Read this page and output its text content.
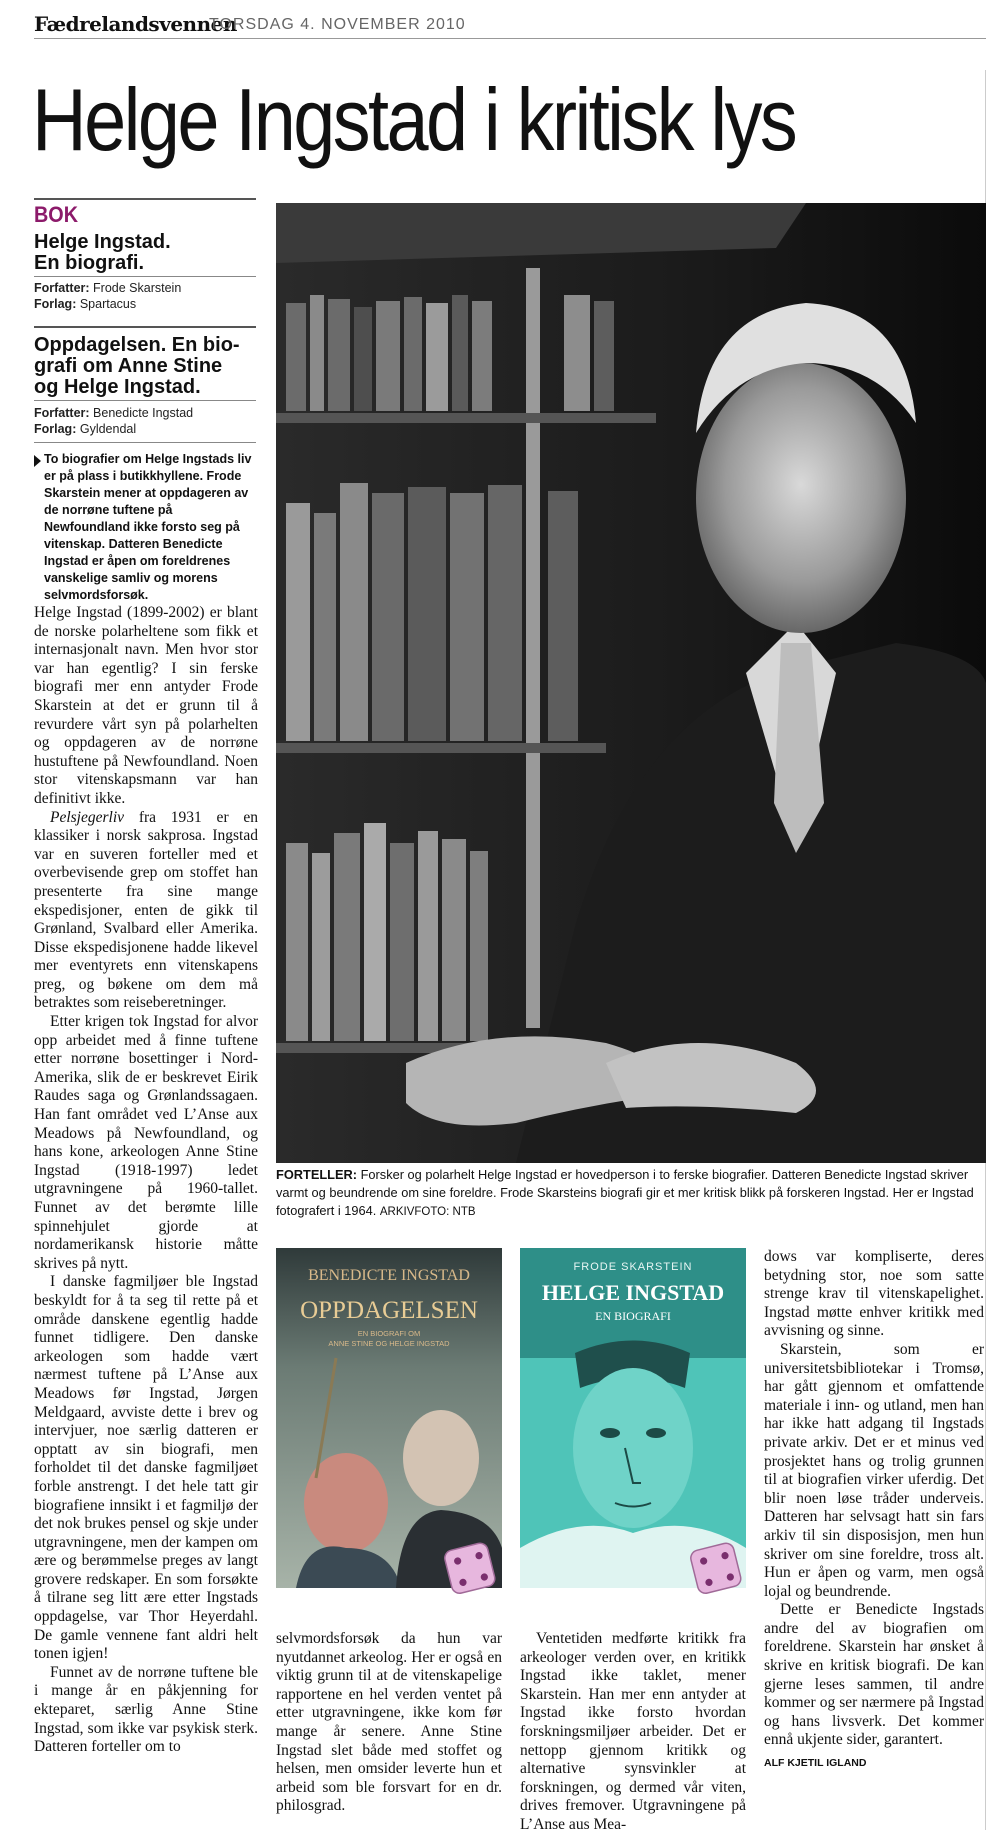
Fædrelandsvennen
TORSDAG 4. NOVEMBER 2010
Helge Ingstad i kritisk lys
BOK
Helge Ingstad.
En biografi.
Forfatter: Frode Skarstein
Forlag: Spartacus
Oppdagelsen. En bio-
grafi om Anne Stine
og Helge Ingstad.
Forfatter: Benedicte Ingstad
Forlag: Gyldendal
To biografier om Helge Ingstads liv er på plass i butikkhyllene. Frode Skarstein mener at oppdageren av de norrøne tuftene på Newfoundland ikke forsto seg på vitenskap. Datteren Benedicte Ingstad er åpen om foreldrenes vanskelige samliv og morens selvmordsforsøk.

Helge Ingstad (1899-2002) er blant de norske polarheltene som fikk et internasjonalt navn. Men hvor stor var han egentlig? I sin ferske biografi mer enn antyder Frode Skarstein at det er grunn til å revurdere vårt syn på polarhelten og oppdageren av de norrøne hustuftene på Newfoundland. Noen stor vitenskapsmann var han definitivt ikke.

Pelsjegerliv fra 1931 er en klassiker i norsk sakprosa. Ingstad var en suveren forteller med et overbevisende grep om stoffet han presenterte fra sine mange ekspedisjoner, enten de gikk til Grønland, Svalbard eller Amerika. Disse ekspedisjonene hadde likevel mer eventyrets enn vitenskapens preg, og bøkene om dem må betraktes som reiseberetninger.

Etter krigen tok Ingstad for alvor opp arbeidet med å finne tuftene etter norrøne bosettinger i Nord-Amerika, slik de er beskrevet Eirik Raudes saga og Grønlandssagaen. Han fant området ved L’Anse aux Meadows på Newfoundland, og hans kone, arkeologen Anne Stine Ingstad (1918-1997) ledet utgravningene på 1960-tallet. Funnet av det berømte lille spinnehjulet gjorde at nordamerikansk historie måtte skrives på nytt.

I danske fagmiljøer ble Ingstad beskyldt for å ta seg til rette på et område danskene egentlig hadde funnet tidligere. Den danske arkeologen som hadde vært nærmest tuftene på L’Anse aux Meadows før Ingstad, Jørgen Meldgaard, avviste dette i brev og intervjuer, noe særlig datteren er opptatt av sin biografi, men forholdet til det danske fagmiljøet forble anstrengt. I det hele tatt gir biografiene innsikt i et fagmiljø der det nok brukes pensel og skje under utgravningene, men der kampen om ære og berømmelse preges av langt grovere redskaper. En som forsøkte å tilrane seg litt ære etter Ingstads oppdagelse, var Thor Heyerdahl. De gamle vennene fant aldri helt tonen igjen!

Funnet av de norrøne tuftene ble i mange år en påkjenning for ekteparet, særlig Anne Stine Ingstad, som ikke var psykisk sterk. Datteren forteller om to

FORTELLER: Forsker og polarhelt Helge Ingstad er hovedperson i to ferske biografier. Datteren Benedicte Ingstad skriver varmt og beundrende om sine foreldre. Frode Skarsteins biografi gir et mer kritisk blikk på forskeren Ingstad. Her er Ingstad fotografert i 1964. ARKIVFOTO: NTB
BENEDICTE INGSTAD
OPPDAGELSEN
EN BIOGRAFI OM
ANNE STINE OG HELGE INGSTAD
FRODE SKARSTEIN
HELGE INGSTAD
EN BIOGRAFI

selvmordsforsøk da hun var nyutdannet arkeolog. Her er også en viktig grunn til at de vitenskapelige rapportene en hel verden ventet på etter utgravningene, ikke kom før mange år senere. Anne Stine Ingstad slet både med stoffet og helsen, men omsider leverte hun et arbeid som ble forsvart for en dr. philosgrad.

Ventetiden medførte kritikk fra arkeologer verden over, en kritikk Ingstad ikke taklet, mener Skarstein. Han mer enn antyder at Ingstad ikke forsto hvordan forskningsmiljøer arbeider. Det er nettopp gjennom kritikk og alternative synsvinkler at forskningen, og dermed vår viten, drives fremover. Utgravningene på L’Anse aus Mea-

dows var kompliserte, deres betydning stor, noe som satte strenge krav til vitenskapelighet. Ingstad møtte enhver kritikk med avvisning og sinne.

Skarstein, som er universitetsbibliotekar i Tromsø, har gått gjennom et omfattende materiale i inn- og utland, men han har ikke hatt adgang til Ingstads private arkiv. Det er et minus ved prosjektet hans og trolig grunnen til at biografien virker uferdig. Det blir noen løse tråder underveis. Datteren har selvsagt hatt sin fars arkiv til sin disposisjon, men hun skriver om sine foreldre, tross alt. Hun er åpen og varm, men også lojal og beundrende.

Dette er Benedicte Ingstads andre del av biografien om foreldrene. Skarstein har ønsket å skrive en kritisk biografi. De kan gjerne leses sammen, til andre kommer og ser nærmere på Ingstad og hans livsverk. Det kommer ennå ukjente sider, garantert.

ALF KJETIL IGLAND
